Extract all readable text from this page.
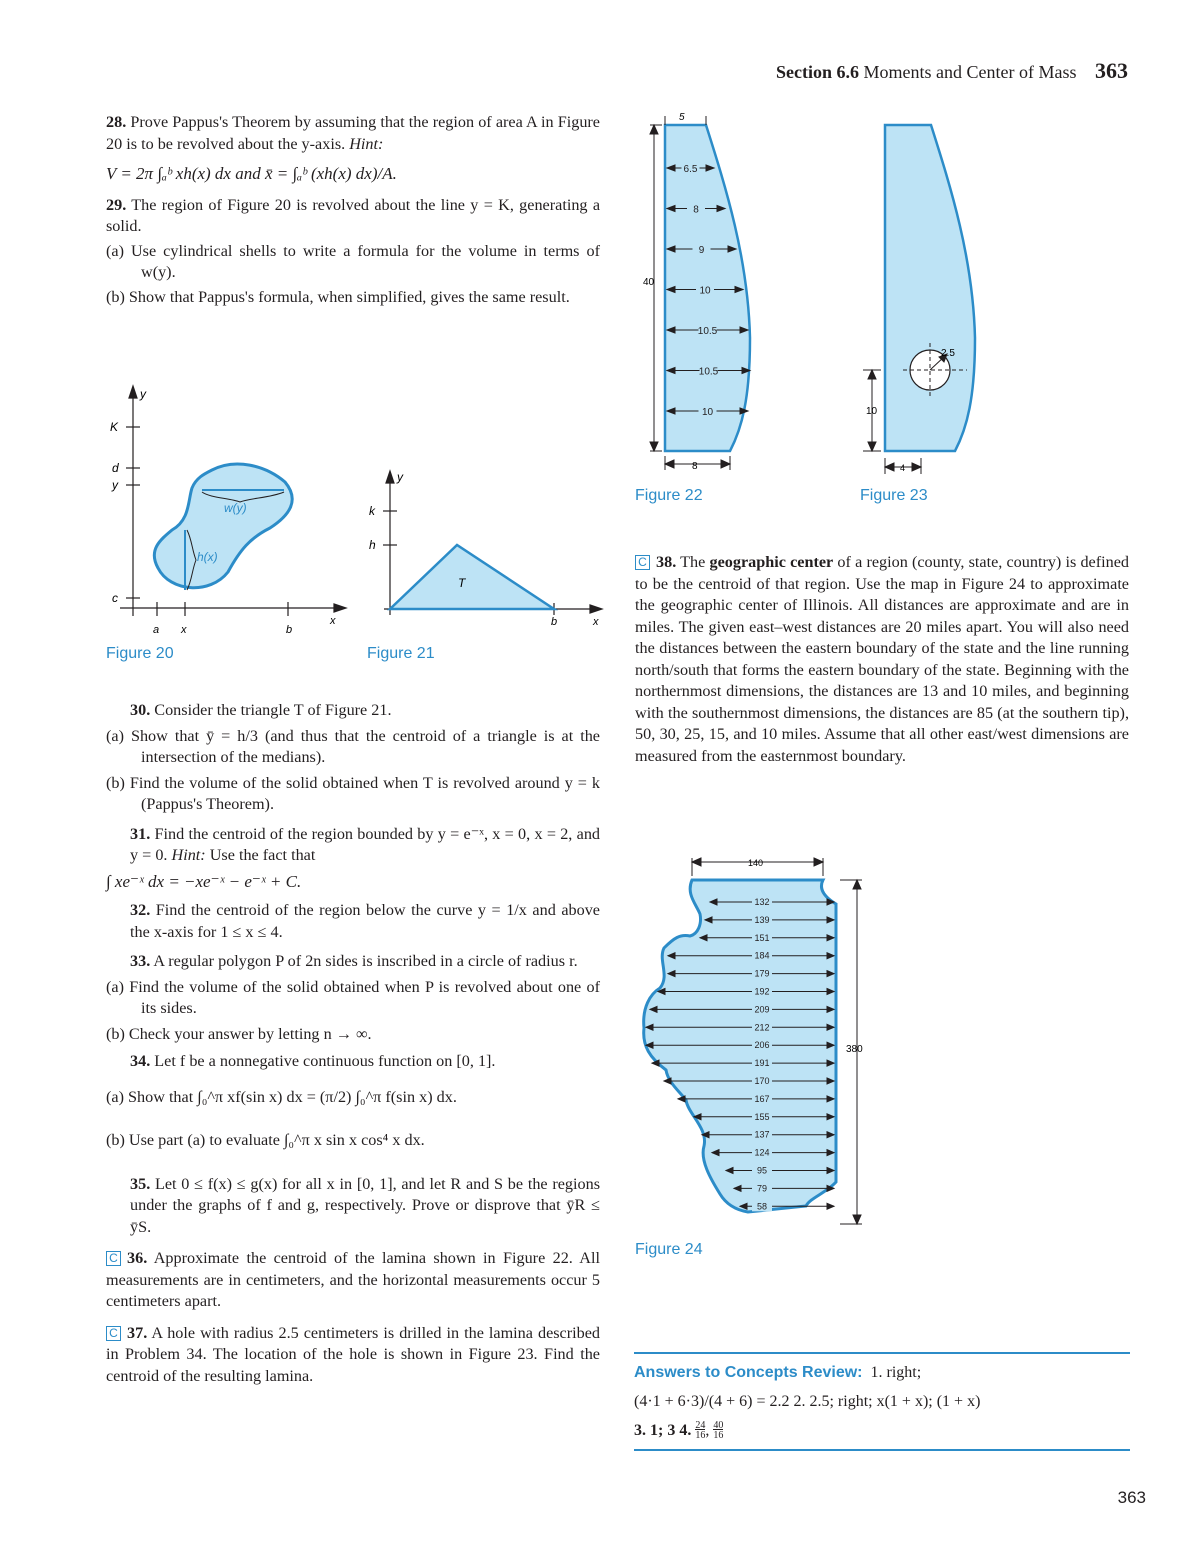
Section 6.6 Moments and Center of Mass 363

28. Prove Pappus's Theorem by assuming that the region of area A in Figure 20 is to be revolved about the y-axis. Hint:

V = 2π ∫ₐᵇ xh(x) dx and x̄ = ∫ₐᵇ (xh(x) dx)/A.

29. The region of Figure 20 is revolved about the line y = K, generating a solid.

(a) Use cylindrical shells to write a formula for the volume in terms of w(y).

(b) Show that Pappus's formula, when simplified, gives the same result.

y
K
d
y
c
a x	b
x
w(y)
h(x)
Figure 20
y
k
h
T
b	x
Figure 21

30. Consider the triangle T of Figure 21.

(a) Show that ȳ = h/3 (and thus that the centroid of a triangle is at the intersection of the medians).

(b) Find the volume of the solid obtained when T is revolved around y = k (Pappus's Theorem).

31. Find the centroid of the region bounded by y = e⁻ˣ, x = 0, x = 2, and y = 0. Hint: Use the fact that

∫ xe⁻ˣ dx = −xe⁻ˣ − e⁻ˣ + C.

32. Find the centroid of the region below the curve y = 1/x and above the x-axis for 1 ≤ x ≤ 4.

33. A regular polygon P of 2n sides is inscribed in a circle of radius r.

(a) Find the volume of the solid obtained when P is revolved about one of its sides.

(b) Check your answer by letting n → ∞.

34. Let f be a nonnegative continuous function on [0, 1].

(a) Show that ∫₀^π xf(sin x) dx = (π/2) ∫₀^π f(sin x) dx.

(b) Use part (a) to evaluate ∫₀^π x sin x cos⁴ x dx.

35. Let 0 ≤ f(x) ≤ g(x) for all x in [0, 1], and let R and S be the regions under the graphs of f and g, respectively. Prove or disprove that ȳR ≤ ȳS.

C 36. Approximate the centroid of the lamina shown in Figure 22. All measurements are in centimeters, and the horizontal measurements occur 5 centimeters apart.

C 37. A hole with radius 2.5 centimeters is drilled in the lamina described in Problem 34. The location of the hole is shown in Figure 23. Find the centroid of the resulting lamina.

6.5
8
9
10
10.5
10.5
10
5
40
8
Figure 22
2.5
10
4
Figure 23

C 38. The geographic center of a region (county, state, country) is defined to be the centroid of that region. Use the map in Figure 24 to approximate the geographic center of Illinois. All distances are approximate and are in miles. The given east–west distances are 20 miles apart. You will also need the distances between the eastern boundary of the state and the line running north/south that forms the eastern boundary of the state. Beginning with the northernmost dimensions, the distances are 13 and 10 miles, and beginning with the southernmost dimensions, the distances are 85 (at the southern tip), 50, 30, 25, 15, and 10 miles. Assume that all other east/west dimensions are measured from the easternmost boundary.

132
139
151
184
179
192
209
212
206
191
170
167
155
137
124
95
79
58
140
380
Figure 24
Answers to Concepts Review: 1. right;
(4·1 + 6·3)/(4 + 6) = 2.2 2. 2.5; right; x(1 + x); (1 + x)
3. 1; 3 4. $\frac{24}{16}$, $\frac{40}{16}$
363
